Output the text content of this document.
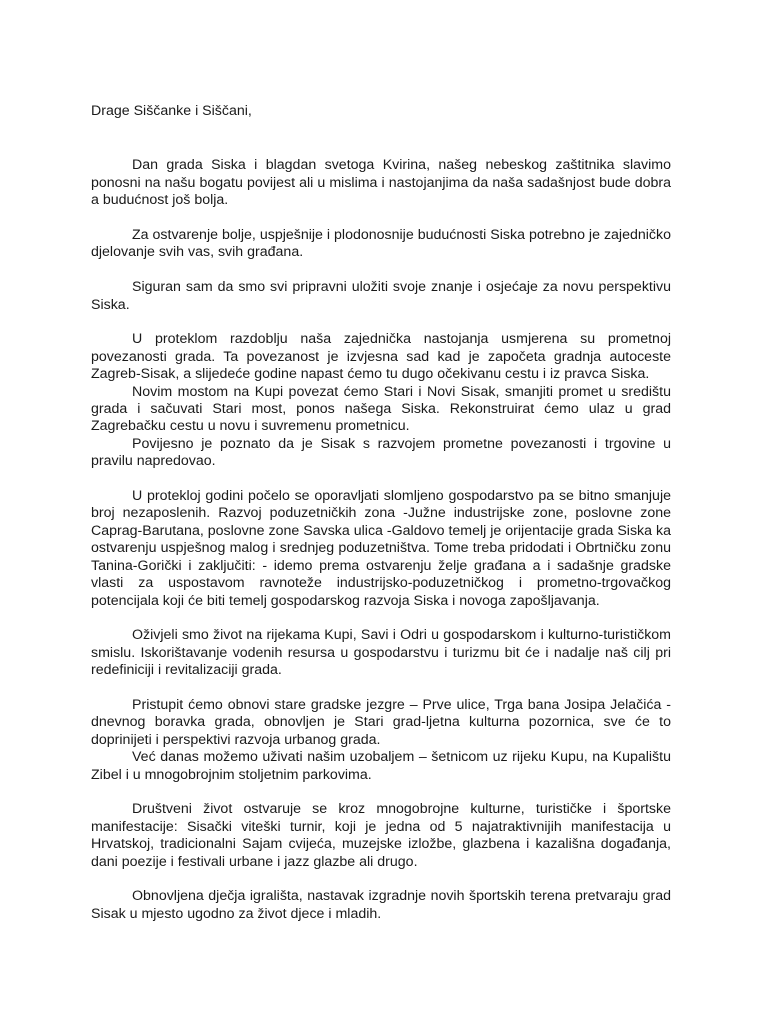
Drage Siščanke i Siščani,

Dan grada Siska i blagdan svetoga Kvirina, našeg nebeskog zaštitnika slavimo ponosni na našu bogatu povijest ali u mislima i nastojanjima da naša sadašnjost bude dobra a budućnost još bolja.

Za ostvarenje bolje, uspješnije i plodonosnije budućnosti Siska potrebno je zajedničko djelovanje svih vas, svih građana.

Siguran sam da smo svi pripravni uložiti svoje znanje i osjećaje za novu perspektivu Siska.

U proteklom razdoblju naša zajednička nastojanja usmjerena su prometnoj povezanosti grada. Ta povezanost je izvjesna sad kad je započeta gradnja autoceste Zagreb-Sisak, a slijedeće godine napast ćemo tu dugo očekivanu cestu i iz pravca Siska.

Novim mostom na Kupi povezat ćemo Stari i Novi Sisak, smanjiti promet u središtu grada i sačuvati Stari most, ponos našega Siska. Rekonstruirat ćemo ulaz u grad Zagrebačku cestu u novu i suvremenu prometnicu.

Povijesno je poznato da je Sisak s razvojem prometne povezanosti i trgovine u pravilu napredovao.

U proteklој godini počelo se oporavljati slomljeno gospodarstvo pa se bitno smanjuje broj nezaposlenih. Razvoj poduzetničkih zona -Južne industrijske zone, poslovne zone Caprag-Barutana, poslovne zone Savska ulica -Galdovo temelj je orijentacije grada Siska ka ostvarenju uspješnog malog i srednjeg poduzetništva. Tome treba pridodati i Obrtničku zonu Tanina-Gorički i zaključiti: - idemo prema ostvarenju želje građana a i sadašnje gradske vlasti za uspostavom ravnoteže industrijsko-poduzetničkog i prometno-trgovačkog potencijala koji će biti temelj gospodarskog razvoja Siska i novoga zapošljavanja.

Oživjeli smo život na rijekama Kupi, Savi i Odri u gospodarskom i kulturno-turističkom smislu. Iskorištavanje vodenih resursa u gospodarstvu i turizmu bit će i nadalje naš cilj pri redefiniciji i revitalizaciji grada.

Pristupit ćemo obnovi stare gradske jezgre – Prve ulice, Trga bana Josipa Jelačića - dnevnog boravka grada, obnovljen je Stari grad-ljetna kulturna pozornica, sve će to doprinijeti i perspektivi razvoja urbanog grada.

Već danas možemo uživati našim uzobaljem – šetnicom uz rijeku Kupu, na Kupalištu Zibel i u mnogobrojnim stoljetnim parkovima.

Društveni život ostvaruje se kroz mnogobrojne kulturne, turističke i športske manifestacije: Sisački viteški turnir, koji je jedna od 5 najatraktivnijih manifestacija u Hrvatskoj, tradicionalni Sajam cvijeća, muzejske izložbe, glazbena i kazališna događanja, dani poezije i festivali urbane i jazz glazbe ali drugo.

Obnovljena dječja igrališta, nastavak izgradnje novih športskih terena pretvaraju grad Sisak u mjesto ugodno za život djece i mladih.
